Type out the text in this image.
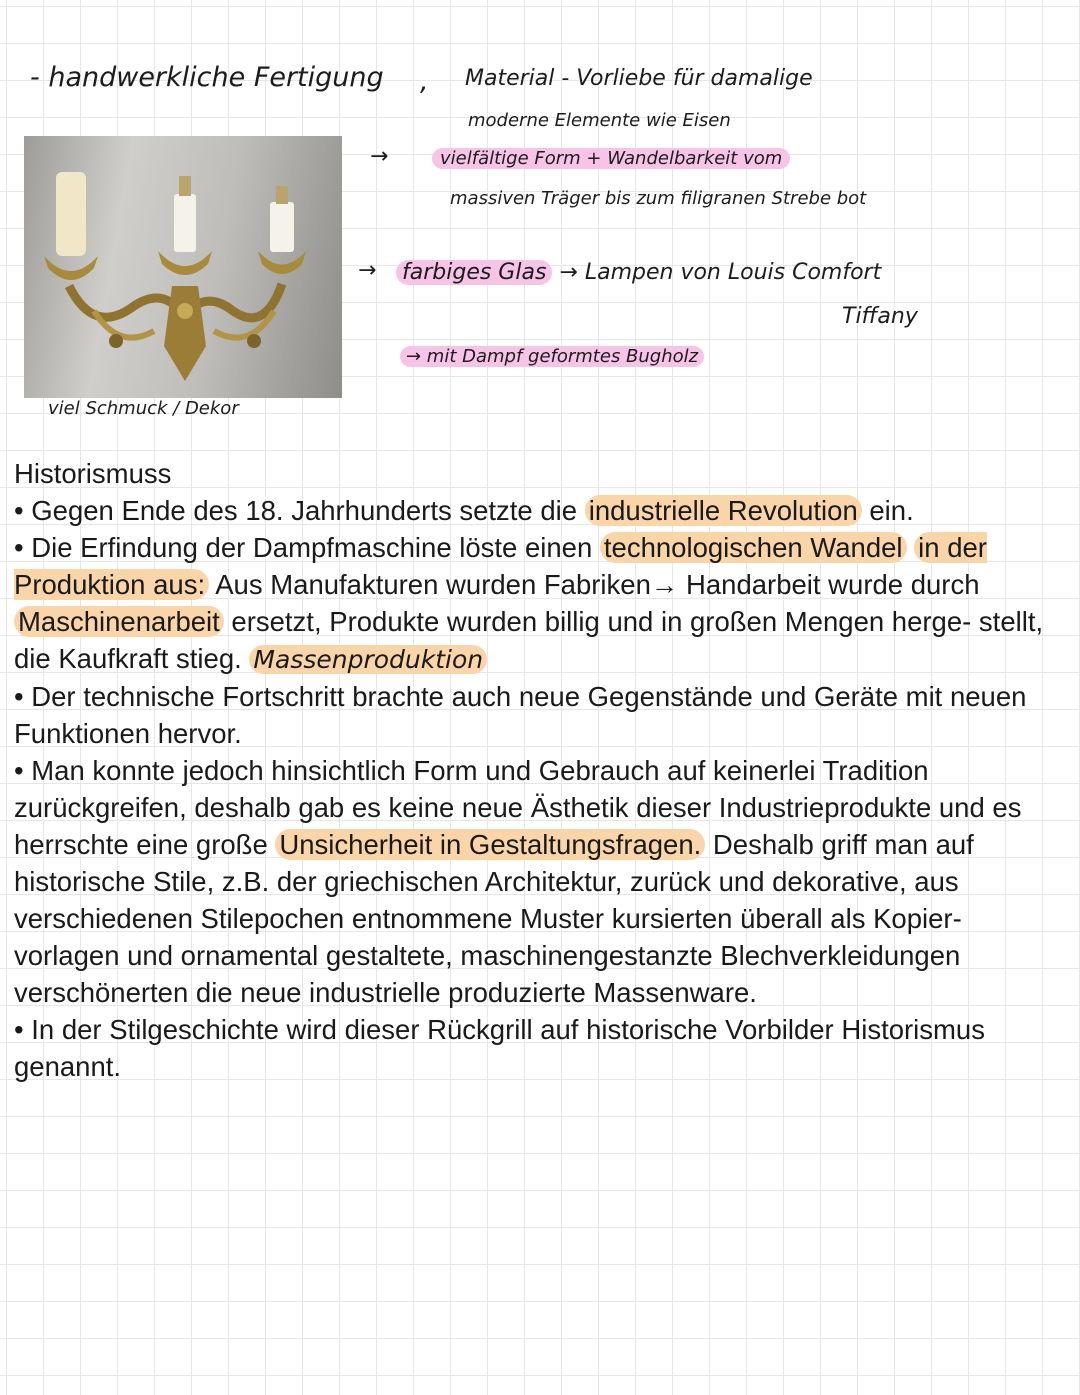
- handwerkliche Fertigung , Material - Vorliebe für damalige
moderne Elemente wie Eisen
→	vielfältige Form + Wandelbarkeit vom
massiven Träger bis zum filigranen Strebe bot
→ farbiges Glas → Lampen von Louis Comfort
Tiffany
→ mit Dampf geformtes Bugholz
viel Schmuck / Dekor

Historismuss

• Gegen Ende des 18. Jahrhunderts setzte die industrielle Revolution ein.

• Die Erfindung der Dampfmaschine löste einen technologischen Wandel in der Produktion aus: Aus Manufakturen wurden Fabriken→ Handarbeit wurde durch Maschinenarbeit ersetzt, Produkte wurden billig und in großen Mengen herge- stellt, die Kaufkraft stieg. Massenproduktion

• Der technische Fortschritt brachte auch neue Gegenstände und Geräte mit neuen Funktionen hervor.

• Man konnte jedoch hinsichtlich Form und Gebrauch auf keinerlei Tradition zurückgreifen, deshalb gab es keine neue Ästhetik dieser Industrieprodukte und es herrschte eine große Unsicherheit in Gestaltungsfragen. Deshalb griff man auf historische Stile, z.B. der griechischen Architektur, zurück und dekorative, aus verschiedenen Stilepochen entnommene Muster kursierten überall als Kopier- vorlagen und ornamental gestaltete, maschinengestanzte Blechverkleidungen verschönerten die neue industrielle produzierte Massenware.

• In der Stilgeschichte wird dieser Rückgrill auf historische Vorbilder Historismus genannt.
